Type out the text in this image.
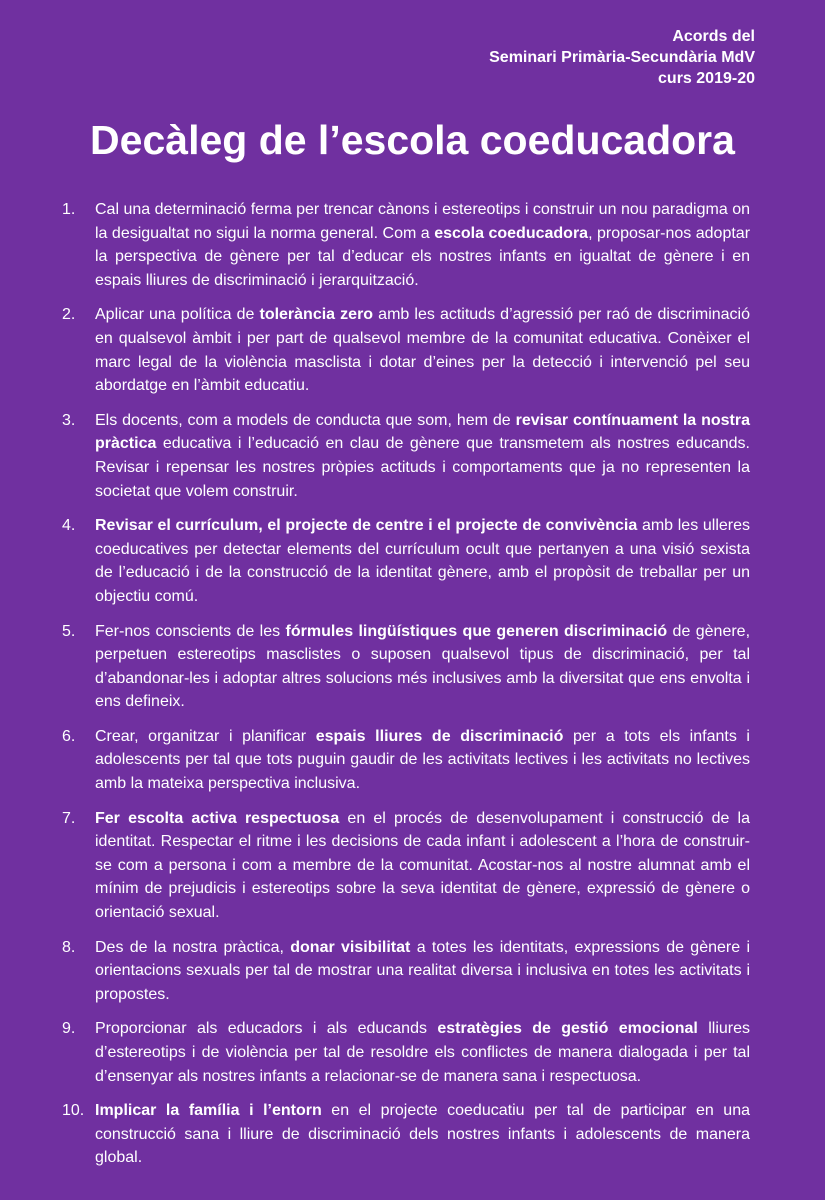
Acords del
Seminari Primària-Secundària MdV
curs 2019-20
Decàleg de l’escola coeducadora
1. Cal una determinació ferma per trencar cànons i estereotips i construir un nou paradigma on la desigualtat no sigui la norma general. Com a escola coeducadora, proposar-nos adoptar la perspectiva de gènere per tal d’educar els nostres infants en igualtat de gènere i en espais lliures de discriminació i jerarquització.
2. Aplicar una política de tolerància zero amb les actituds d’agressió per raó de discriminació en qualsevol àmbit i per part de qualsevol membre de la comunitat educativa. Conèixer el marc legal de la violència masclista i dotar d’eines per la detecció i intervenció pel seu abordatge en l’àmbit educatiu.
3. Els docents, com a models de conducta que som, hem de revisar contínuament la nostra pràctica educativa i l’educació en clau de gènere que transmetem als nostres educands. Revisar i repensar les nostres pròpies actituds i comportaments que ja no representen la societat que volem construir.
4. Revisar el currículum, el projecte de centre i el projecte de convivència amb les ulleres coeducatives per detectar elements del currículum ocult que pertanyen a una visió sexista de l’educació i de la construcció de la identitat gènere, amb el propòsit de treballar per un objectiu comú.
5. Fer-nos conscients de les fórmules lingüístiques que generen discriminació de gènere, perpetuen estereotips masclistes o suposen qualsevol tipus de discriminació, per tal d’abandonar-les i adoptar altres solucions més inclusives amb la diversitat que ens envolta i ens defineix.
6. Crear, organitzar i planificar espais lliures de discriminació per a tots els infants i adolescents per tal que tots puguin gaudir de les activitats lectives i les activitats no lectives amb la mateixa perspectiva inclusiva.
7. Fer escolta activa respectuosa en el procés de desenvolupament i construcció de la identitat. Respectar el ritme i les decisions de cada infant i adolescent a l’hora de construir-se com a persona i com a membre de la comunitat. Acostar-nos al nostre alumnat amb el mínim de prejudicis i estereotips sobre la seva identitat de gènere, expressió de gènere o orientació sexual.
8. Des de la nostra pràctica, donar visibilitat a totes les identitats, expressions de gènere i orientacions sexuals per tal de mostrar una realitat diversa i inclusiva en totes les activitats i propostes.
9. Proporcionar als educadors i als educands estratègies de gestió emocional lliures d’estereotips i de violència per tal de resoldre els conflictes de manera dialogada i per tal d’ensenyar als nostres infants a relacionar-se de manera sana i respectuosa.
10. Implicar la família i l’entorn en el projecte coeducatiu per tal de participar en una construcció sana i lliure de discriminació dels nostres infants i adolescents de manera global.
